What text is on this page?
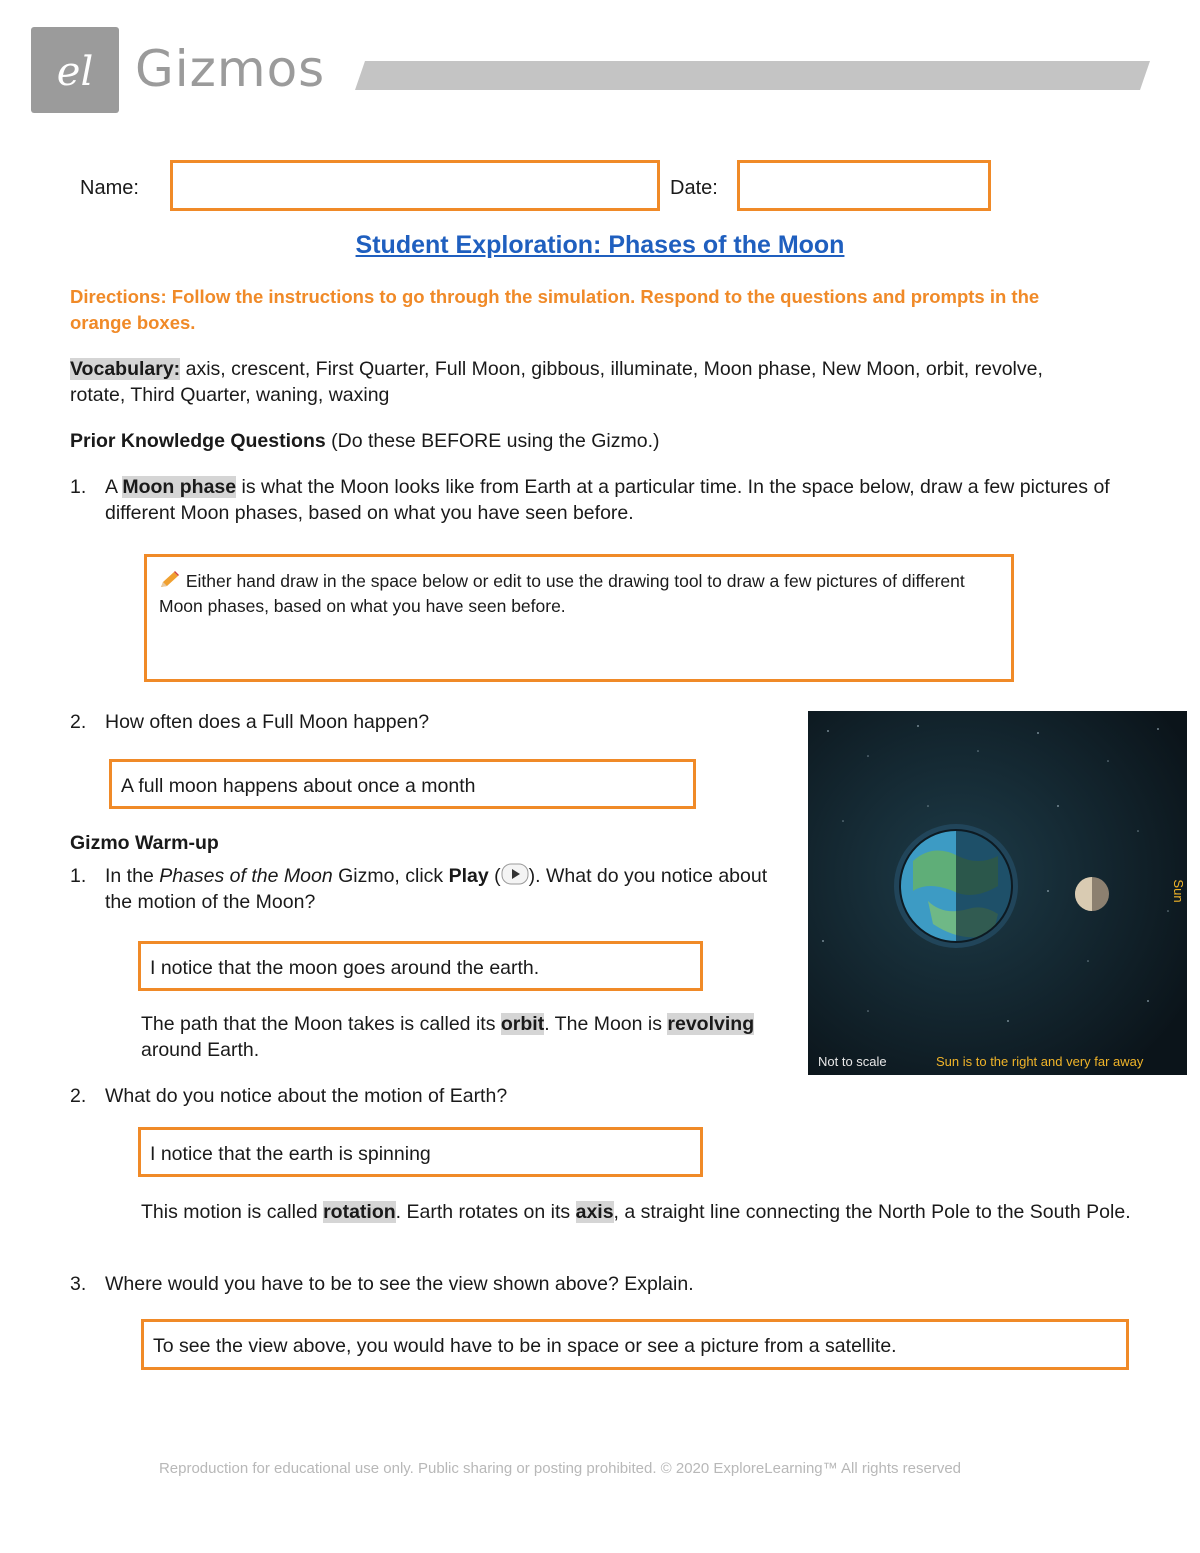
el Gizmos
Name:	Date:
Student Exploration: Phases of the Moon
Directions: Follow the instructions to go through the simulation. Respond to the questions and prompts in the orange boxes.
Vocabulary: axis, crescent, First Quarter, Full Moon, gibbous, illuminate, Moon phase, New Moon, orbit, revolve, rotate, Third Quarter, waning, waxing
Prior Knowledge Questions (Do these BEFORE using the Gizmo.)
1. A Moon phase is what the Moon looks like from Earth at a particular time. In the space below, draw a few pictures of different Moon phases, based on what you have seen before.
Either hand draw in the space below or edit to use the drawing tool to draw a few pictures of different Moon phases, based on what you have seen before.
2. How often does a Full Moon happen?
A full moon happens about once a month
Gizmo Warm-up
1. In the Phases of the Moon Gizmo, click Play ( ). What do you notice about the motion of the Moon?
I notice that the moon goes around the earth.
The path that the Moon takes is called its orbit. The Moon is revolving around Earth.
2. What do you notice about the motion of Earth?
I notice that the earth is spinning
This motion is called rotation. Earth rotates on its axis, a straight line connecting the North Pole to the South Pole.
3. Where would you have to be to see the view shown above? Explain.
To see the view above, you would have to be in space or see a picture from a satellite.
Sun
Not to scale	Sun is to the right and very far away
Reproduction for educational use only. Public sharing or posting prohibited. © 2020 ExploreLearning™ All rights reserved
